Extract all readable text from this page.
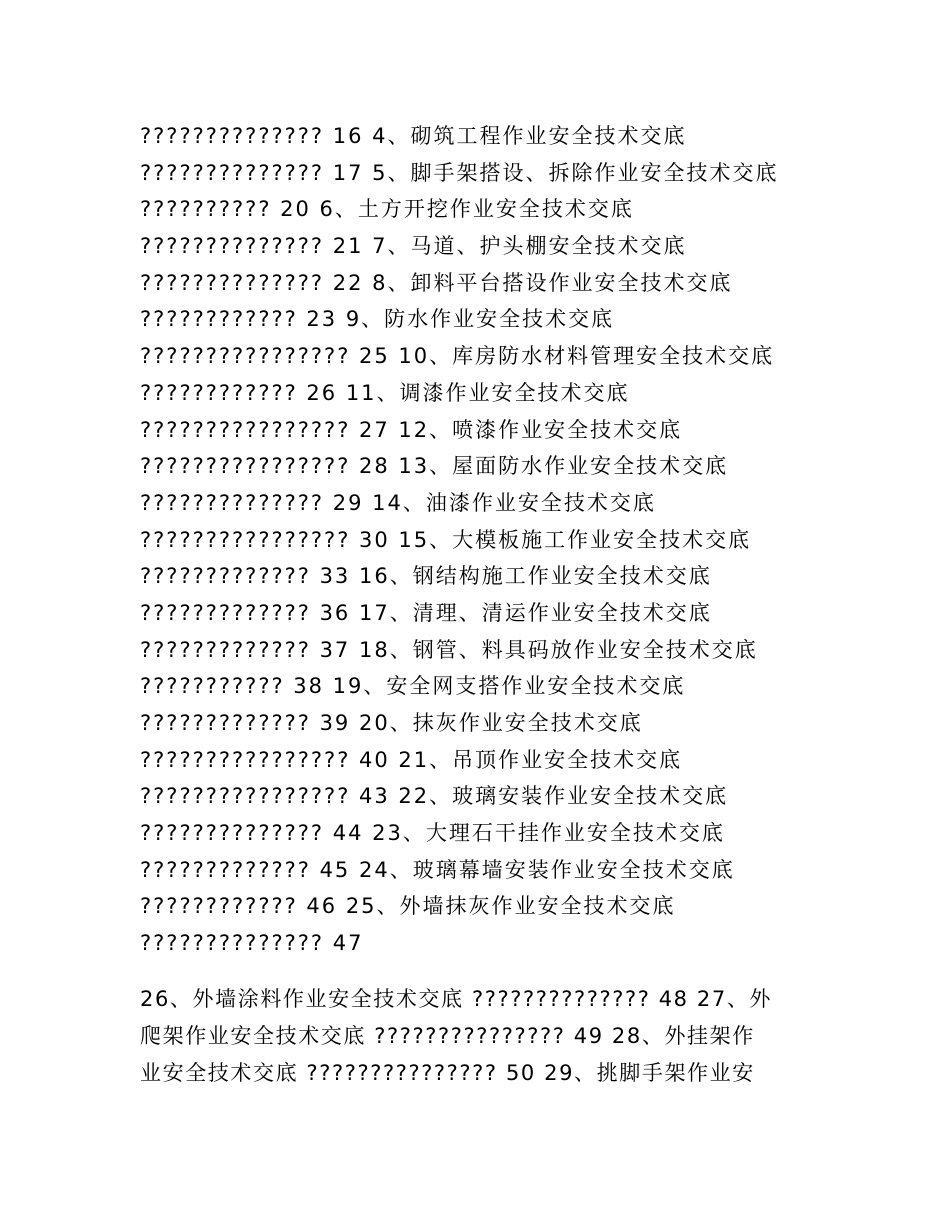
?????????????? 16 4、砌筑工程作业安全技术交底
?????????????? 17 5、脚手架搭设、拆除作业安全技术交底
?????????? 20 6、土方开挖作业安全技术交底
?????????????? 21 7、马道、护头棚安全技术交底
?????????????? 22 8、卸料平台搭设作业安全技术交底
???????????? 23 9、防水作业安全技术交底
???????????????? 25 10、库房防水材料管理安全技术交底
???????????? 26 11、调漆作业安全技术交底
???????????????? 27 12、喷漆作业安全技术交底
???????????????? 28 13、屋面防水作业安全技术交底
?????????????? 29 14、油漆作业安全技术交底
???????????????? 30 15、大模板施工作业安全技术交底
????????????? 33 16、钢结构施工作业安全技术交底
????????????? 36 17、清理、清运作业安全技术交底
????????????? 37 18、钢管、料具码放作业安全技术交底
??????????? 38 19、安全网支搭作业安全技术交底
????????????? 39 20、抹灰作业安全技术交底
???????????????? 40 21、吊顶作业安全技术交底
???????????????? 43 22、玻璃安装作业安全技术交底
?????????????? 44 23、大理石干挂作业安全技术交底
????????????? 45 24、玻璃幕墙安装作业安全技术交底
???????????? 46 25、外墙抹灰作业安全技术交底
?????????????? 47
26、外墙涂料作业安全技术交底 ?????????????? 48 27、外
爬架作业安全技术交底 ??????????????? 49 28、外挂架作
业安全技术交底 ??????????????? 50 29、挑脚手架作业安
